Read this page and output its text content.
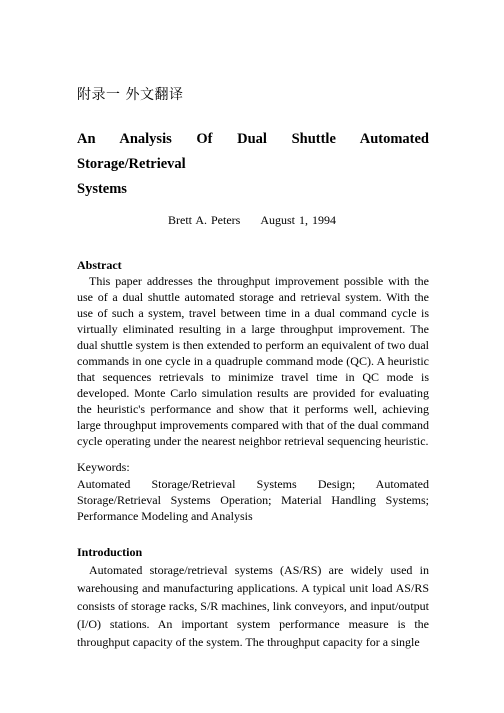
附录一 外文翻译
An Analysis Of Dual Shuttle Automated Storage/Retrieval
Systems
Brett A. Peters August 1, 1994
Abstract
This paper addresses the throughput improvement possible with the use of a dual shuttle automated storage and retrieval system. With the use of such a system, travel between time in a dual command cycle is virtually eliminated resulting in a large throughput improvement. The dual shuttle system is then extended to perform an equivalent of two dual commands in one cycle in a quadruple command mode (QC). A heuristic that sequences retrievals to minimize travel time in QC mode is developed. Monte Carlo simulation results are provided for evaluating the heuristic's performance and show that it performs well, achieving large throughput improvements compared with that of the dual command cycle operating under the nearest neighbor retrieval sequencing heuristic.
Keywords:
Automated Storage/Retrieval Systems Design; Automated Storage/Retrieval Systems Operation; Material Handling Systems; Performance Modeling and Analysis
Introduction
Automated storage/retrieval systems (AS/RS) are widely used in warehousing and manufacturing applications. A typical unit load AS/RS consists of storage racks, S/R machines, link conveyors, and input/output (I/O) stations. An important system performance measure is the throughput capacity of the system. The throughput capacity for a single
